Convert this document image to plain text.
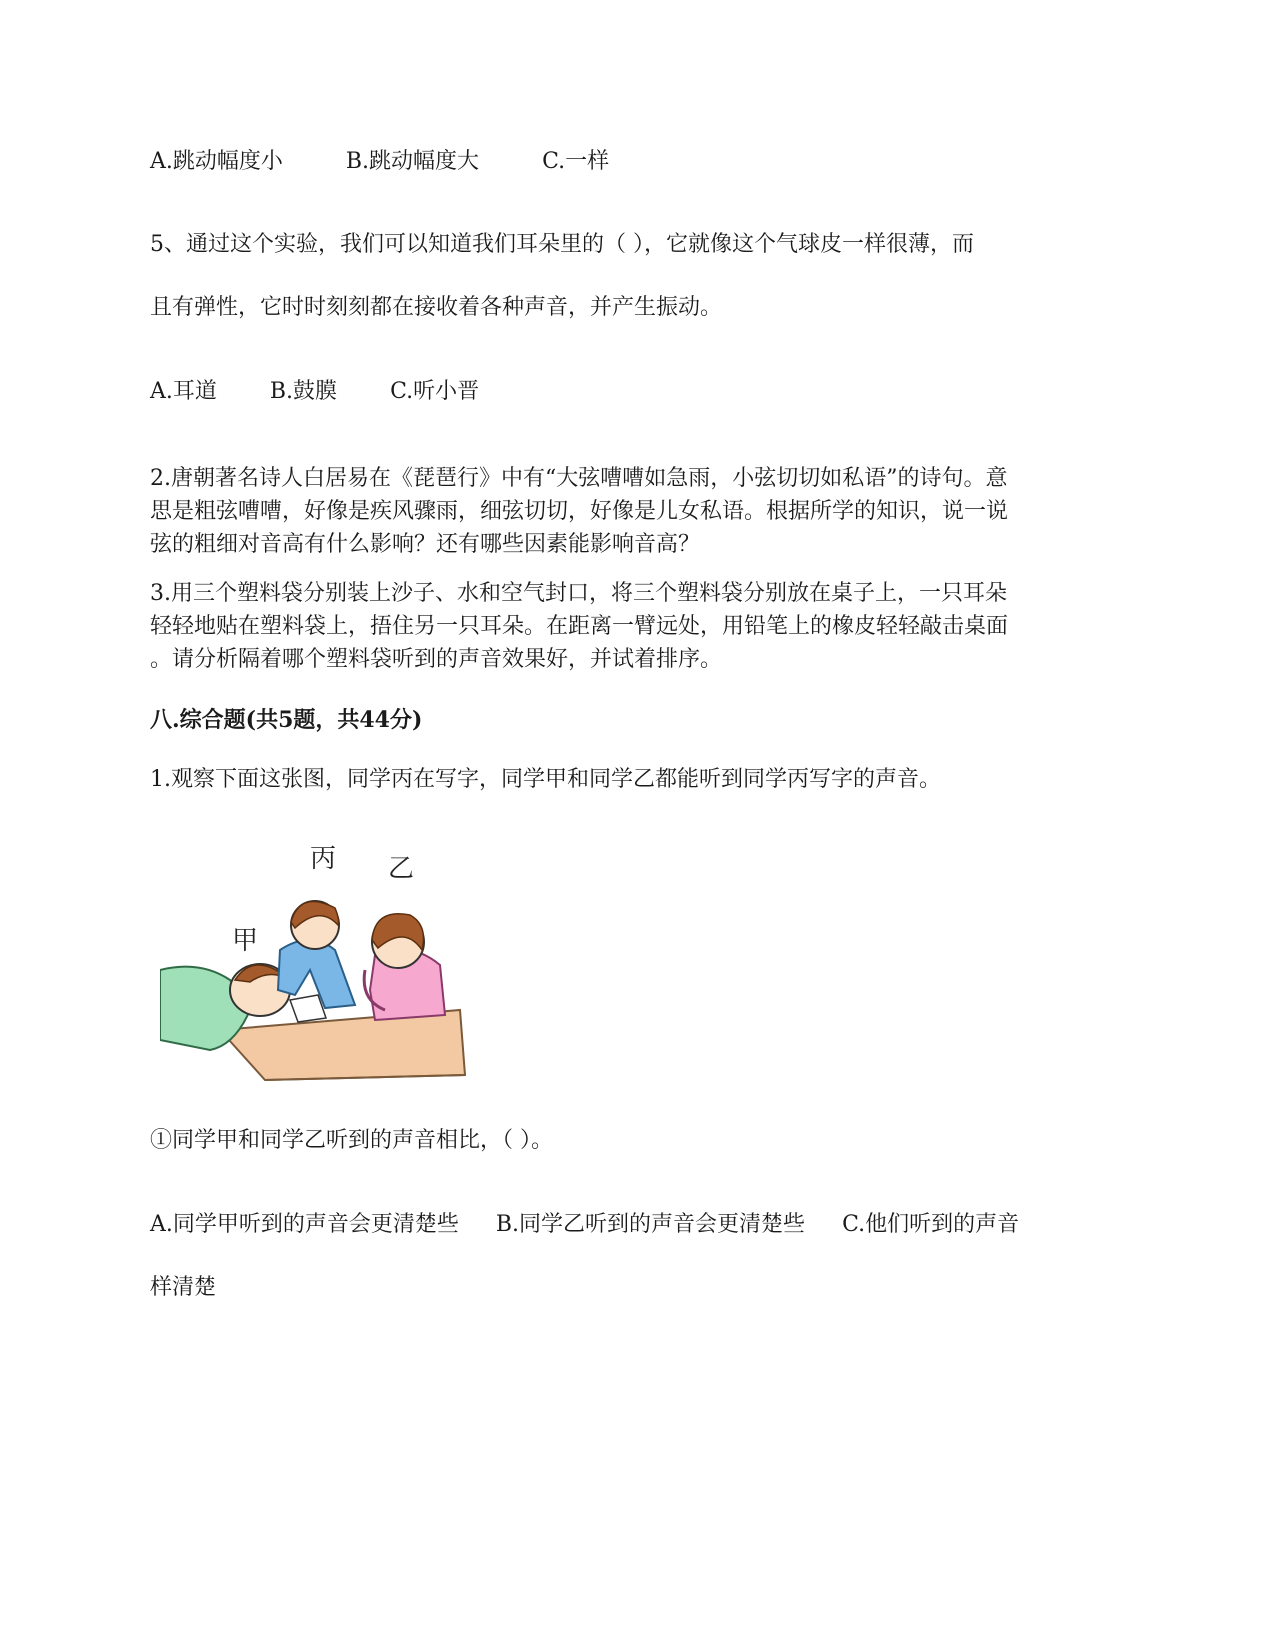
A.跳动幅度小	B.跳动幅度大	C.一样
5、通过这个实验，我们可以知道我们耳朵里的（ ），它就像这个气球皮一样很薄，而
且有弹性，它时时刻刻都在接收着各种声音，并产生振动。
A.耳道 B.鼓膜 C.听小晋
2.唐朝著名诗人白居易在《琵琶行》中有“大弦嘈嘈如急雨，小弦切切如私语”的诗句。意
思是粗弦嘈嘈，好像是疾风骤雨，细弦切切，好像是儿女私语。根据所学的知识，说一说
弦的粗细对音高有什么影响？还有哪些因素能影响音高？
3.用三个塑料袋分别装上沙子、水和空气封口，将三个塑料袋分别放在桌子上，一只耳朵
轻轻地贴在塑料袋上，捂住另一只耳朵。在距离一臂远处，用铅笔上的橡皮轻轻敲击桌面
。请分析隔着哪个塑料袋听到的声音效果好，并试着排序。
八.综合题(共5题，共44分)
1.观察下面这张图，同学丙在写字，同学甲和同学乙都能听到同学丙写字的声音。
丙 乙
甲
①同学甲和同学乙听到的声音相比，（ ）。
A.同学甲听到的声音会更清楚些 B.同学乙听到的声音会更清楚些 C.他们听到的声音
样清楚
